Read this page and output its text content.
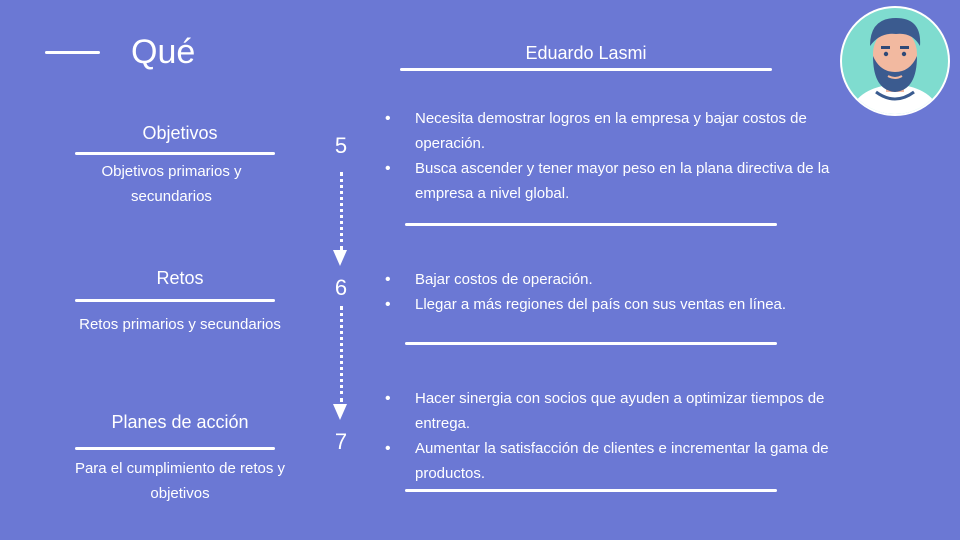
Qué	Eduardo Lasmi
Objetivos
Objetivos primarios y secundarios
Retos
Retos primarios y secundarios
Planes de acción
Para el cumplimiento de retos y objetivos
5
6
7
• Necesita demostrar logros en la empresa y bajar costos de operación.
• Busca ascender y tener mayor peso en la plana directiva de la empresa a nivel global.
• Bajar costos de operación.
• Llegar a más regiones del país con sus ventas en línea.
• Hacer sinergia con socios que ayuden a optimizar tiempos de entrega.
• Aumentar la satisfacción de clientes e incrementar la gama de productos.
